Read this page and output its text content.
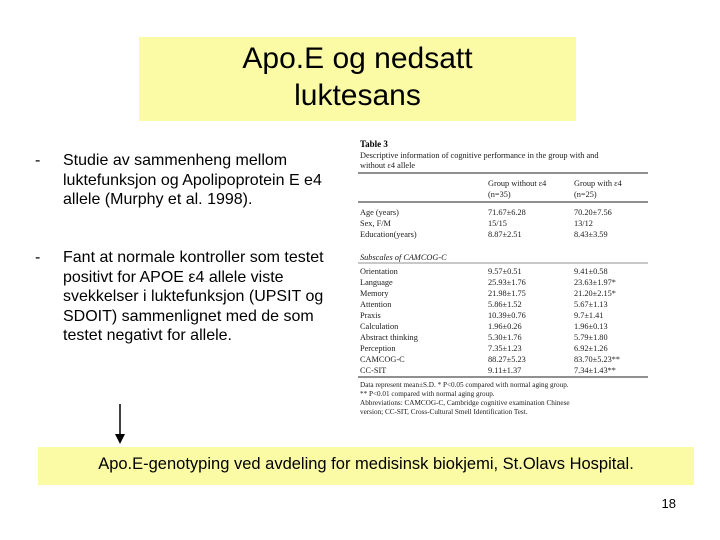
Apo.E og nedsatt
luktesans
-	Studie av sammenheng mellom luktefunksjon og Apolipoprotein E e4 allele (Murphy et al. 1998).
-	Fant at normale kontroller som testet positivt for APOE ε4 allele viste svekkelser i luktefunksjon (UPSIT og SDOIT) sammenlignet med de som testet negativt for allele.
Table 3
Descriptive information of cognitive performance in the group with and
without ε4 allele
Group without ε4
(n=35)
Group with ε4
(n=25)
Age (years)	71.67±6.28	70.20±7.56
Sex, F/M	15/15	13/12
Education(years)	8.87±2.51	8.43±3.59
Subscales of CAMCOG-C
Orientation	9.57±0.51	9.41±0.58
Language	25.93±1.76	23.63±1.97*
Memory	21.98±1.75	21.20±2.15*
Attention	5.86±1.52	5.67±1.13
Praxis	10.39±0.76	9.7±1.41
Calculation	1.96±0.26	1.96±0.13
Abstract thinking	5.30±1.76	5.79±1.80
Perception	7.35±1.23	6.92±1.26
CAMCOG-C	88.27±5.23	83.70±5.23**
CC-SIT	9.11±1.37	7.34±1.43**
Data represent mean±S.D. * P<0.05 compared with normal aging group.
** P<0.01 compared with normal aging group.
Abbreviations: CAMCOG-C, Cambridge cognitive examination Chinese
version; CC-SIT, Cross-Cultural Smell Identification Test.
Apo.E-genotyping ved avdeling for medisinsk biokjemi, St.Olavs Hospital.
18
